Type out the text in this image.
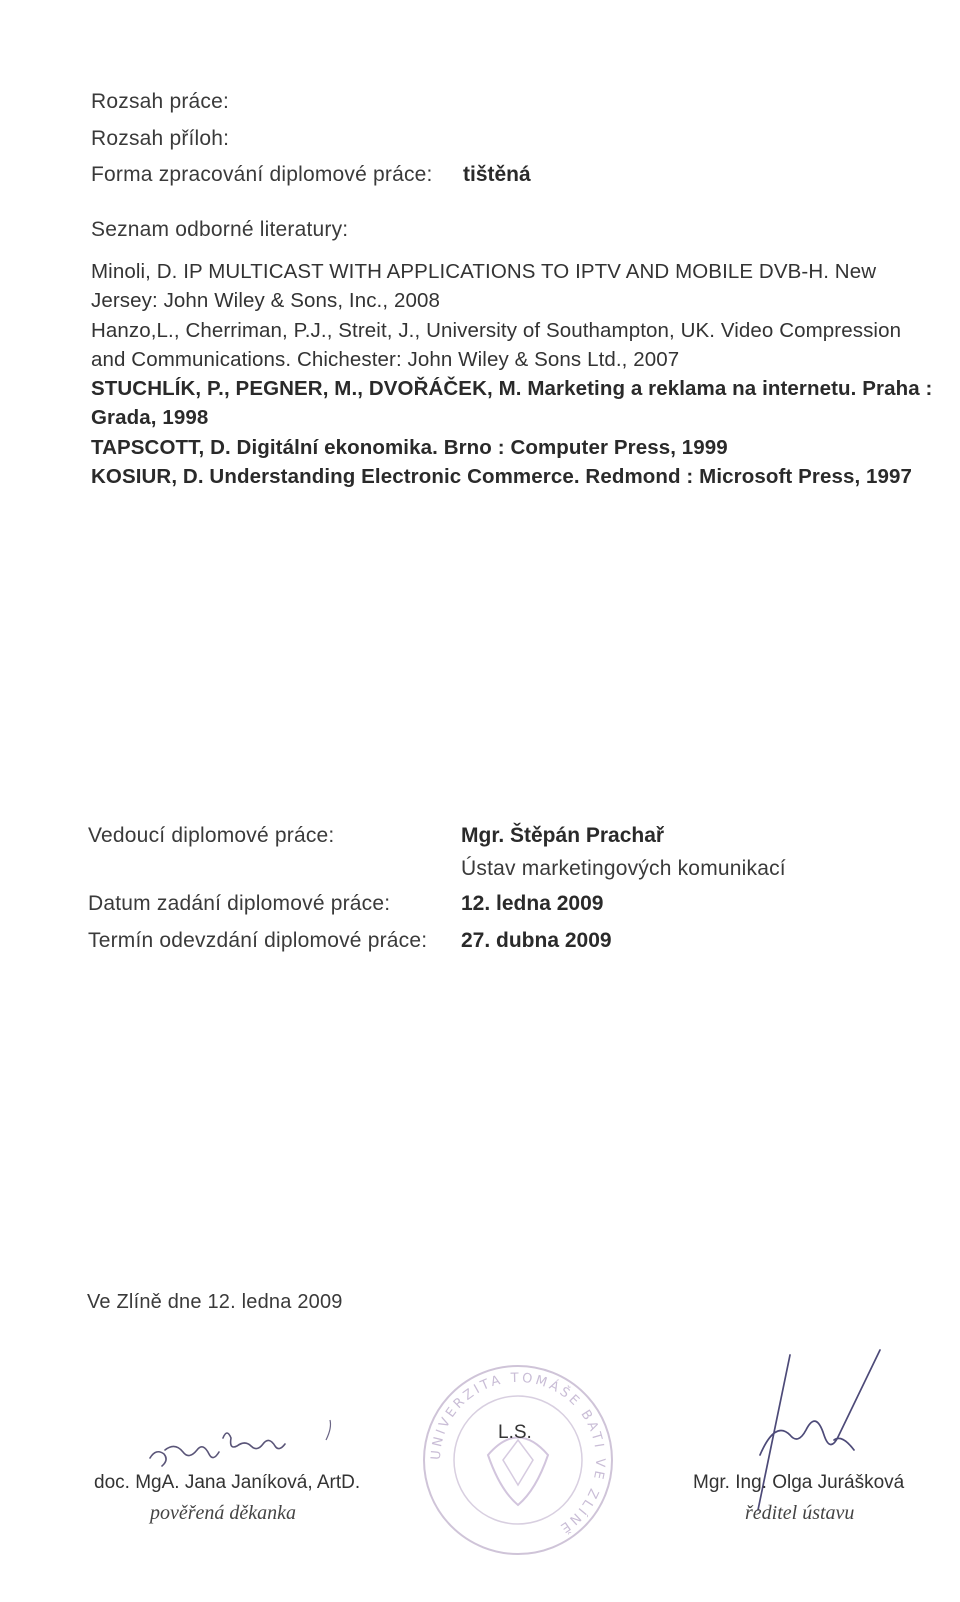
Rozsah práce:
Rozsah příloh:
Forma zpracování diplomové práce: tištěná
Seznam odborné literatury:
Minoli, D. IP MULTICAST WITH APPLICATIONS TO IPTV AND MOBILE DVB-H. New
Jersey: John Wiley & Sons, Inc., 2008
Hanzo,L., Cherriman, P.J., Streit, J., University of Southampton, UK. Video Compression
and Communications. Chichester: John Wiley & Sons Ltd., 2007
STUCHLÍK, P., PEGNER, M., DVOŘÁČEK, M. Marketing a reklama na internetu. Praha :
Grada, 1998
TAPSCOTT, D. Digitální ekonomika. Brno : Computer Press, 1999
KOSIUR, D. Understanding Electronic Commerce. Redmond : Microsoft Press, 1997
Vedoucí diplomové práce:	Mgr. Štěpán Prachař
Ústav marketingových komunikací
Datum zadání diplomové práce:	12. ledna 2009
Termín odevzdání diplomové práce: 27. dubna 2009
Ve Zlíně dne 12. ledna 2009
UNIVERZITA TOMÁŠE BATI VE ZLÍNĚ
L.S.
doc. MgA. Jana Janíková, ArtD.
pověřená děkanka
Mgr. Ing. Olga Jurášková
ředitel ústavu
